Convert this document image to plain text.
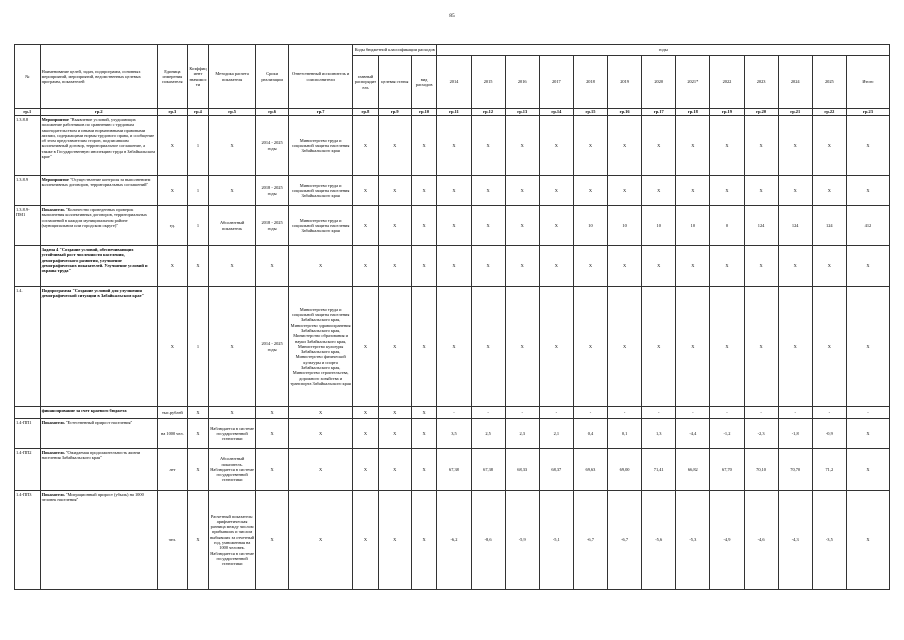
85
№	Наименование целей, задач, подпрограмм, основных мероприятий, мероприятий, ведомственных целевых программ, показателей	Единица измерения показателя	Коэффициент значимости	Методика расчета показателя	Сроки реализации	Ответственный исполнитель и соисполнители	Коды бюджетной классификации расходов			годы												
							главный распорядитель	целевая статья	вид расходов	2014	2015	2016	2017	2018	2019	2020	2021*	2022	2023	2024	2025	Итого
гр.1	гр.2	гр.3	гр.4	гр.5	гр.6	гр.7	гр.8	гр.9	гр.10	гр.11	гр.12	гр.13	гр.14	гр.15	гр.16	гр.17	гр.18	гр.19	гр.20	гр.21	гр.22	гр.23
1.3.8.8	Мероприятие "Выявление условий, ухудшающих положение работников по сравнению с трудовым законодательством и иными нормативными правовыми актами, содержащими нормы трудового права, и сообщение об этом представителям сторон, подписавшим коллективный договор, территориальное соглашение, а также в Государственную инспекцию труда в Забайкальском крае"	Х	1	Х	2014 - 2025 годы	Министерство труда и социальной защиты населения Забайкальского края	Х	Х	Х	Х	Х	Х	Х	Х	Х	Х	Х	Х	Х	Х	Х	Х
1.3.8.9	Мероприятие "Осуществление контроля за выполнением коллективных договоров, территориальных соглашений"	Х	1	Х	2018 - 2025 годы	Министерство труда и социальной защиты населения Забайкальского края	Х	Х	Х	Х	Х	Х	Х	Х	Х	Х	Х	Х	Х	Х	Х	Х
1.3.8.9-ПМ1	Показатель "Количество проведенных проверок выполнения коллективных договоров, территориальных соглашений в каждом муниципальном районе (муниципальном или городском округе)"	ед.	1	Абсолютный показатель	2018 - 2025 годы	Министерство труда и социальной защиты населения Забайкальского края	Х	Х	Х	Х	Х	Х	Х	10	10	10	10	0	124	124	124	412
	Задача 4 "Создание условий, обеспечивающих устойчивый рост численности населения, демографического развития, улучшение демографических показателей. Улучшение условий и охраны труда"	Х	Х	Х	Х	Х	Х	Х	Х	Х	Х	Х	Х	Х	Х	Х	Х	Х	Х	Х	Х	Х
1.4.	Подпрограмма "Создание условий для улучшения демографической ситуации в Забайкальском крае"	Х	1	Х	2014 - 2025 годы	Министерство труда и социальной защиты населения Забайкальского края, Министерство здравоохранения Забайкальского края, Министерство образования и науки Забайкальского края, Министерство культуры Забайкальского края, Министерство физической культуры и спорта Забайкальского края, Министерство строительства, дорожного хозяйства и транспорта Забайкальского края	Х	Х	Х	Х	Х	Х	Х	Х	Х	Х	Х	Х	Х	Х	Х	Х
	финансирование за счет краевого бюджета	тыс.рублей	Х	Х	Х	Х	Х	Х	Х	-	-	-	-	-	-	-	-	-	-	-	-	-
1.4-ПП1	Показатель "Естественный прирост населения"	на 1000 чел.	Х	Наблюдается в системе государственной статистики	Х	Х	Х	Х	Х	3,5	2,5	2,3	2,1	0,4	0,1	1,3	-4,4	-1,2	-2,3	-1,8	-0,9	Х
1.4-ПП2	Показатель "Ожидаемая продолжительность жизни населения Забайкальского края"	лет	Х	Абсолютный показатель. Наблюдается в системе государственной статистики	Х	Х	Х	Х	Х	67,38	67,38	68,33	68,37	69,63	69,00	71,41	66,82	67,70	70,10	70,70	71,2	Х
1.4-ПП3	Показатель "Миграционный прирост (убыль) на 1000 человек населения"	чел.	Х	Расчетный показатель: арифметическая разница между числом прибывших и числом выбывших за отчетный год, умноженная на 1000 человек. Наблюдается в системе государственной статистики	Х	Х	Х	Х	Х	-6,2	-8,6	-5,9	-5,1	-6,7	-6,7	-5,6	-5,3	-4,9	-4,6	-4,3	-3,5	Х
